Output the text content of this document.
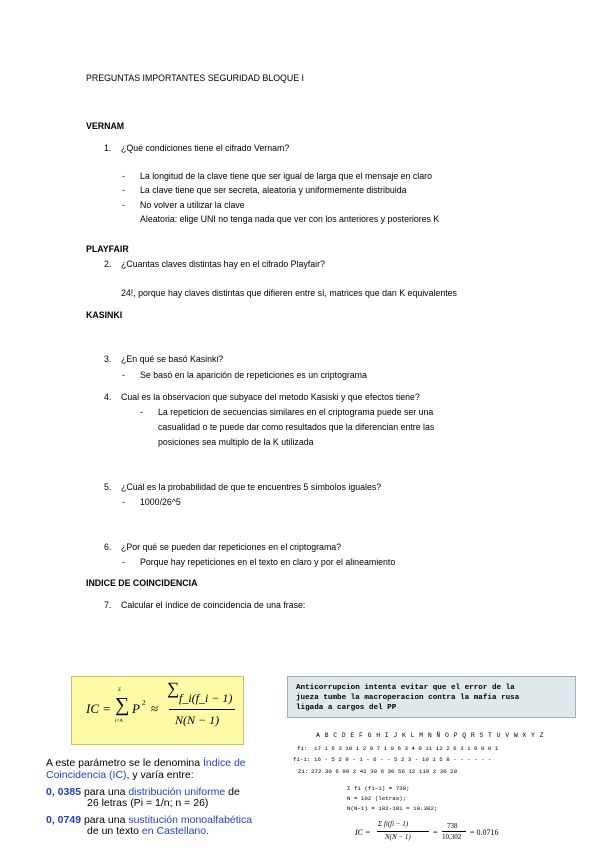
PREGUNTAS IMPORTANTES SEGURIDAD BLOQUE I
VERNAM
1. ¿Qué condiciones tiene el cifrado Vernam?
- La longitud de la clave tiene que ser igual de larga que el mensaje en claro
- La clave tiene que ser secreta, aleatoria y uniformemente distribuida
- No volver a utilizar la clave
Aleatoria: elige UNI no tenga nada que ver con los anteriores y posteriores K
PLAYFAIR
2. ¿Cuantas claves distintas hay en el cifrado Playfair?
24!, porque hay claves distintas que difieren entre sí, matrices que dan K equivalentes
KASINKI
3. ¿En qué se basó Kasinki?
- Se basó en la aparición de repeticiones es un criptograma
4. Cual es la observacion que subyace del metodo Kasiski y que efectos tiene?
- La repeticion de secuencias similares en el criptograma puede ser una
casualidad o te puede dar como resultados que la diferencian entre las
posiciones sea multiplo de la K utilizada
5. ¿Cuál es la probabilidad de que te encuentres 5 símbolos iguales?
- 1000/26^5
6. ¿Por qué se pueden dar repeticiones en el criptograma?
- Porque hay repeticiones en el texto en claro y por el alineamiento
INDICE DE COINCIDENCIA
7. Calcular el índice de coincidencia de una frase:
IC =
Z
∑
i=A
P 2 ≈
∑ f_i(f_i − 1)
N(N − 1)
A este parámetro se le denomina Índice de
Coincidencia (IC), y varía entre:
0, 0385 para una distribución uniforme de
26 letras (Pi = 1/n; n = 26)
0, 0749 para una sustitución monoalfabética
de un texto en Castellano.
Anticorrupcion intenta evitar que el error de la
jueza tumbe la macroperacion contra la mafia rusa
ligada a cargos del PP
A B C D E F G H I J K L M N Ñ O P Q R S T U V W X Y Z
fi: 17 1 6 3 10 1 2 0 7 1 0 6 3 4 0 11 12 2 6 3 1 0 0 0 1
fi-1: 16 - 5 2 9 - 1 - 6 - - 5 2 3 - 10 1 5 8 - - - - - -
Zi: 272 30 6 90 2 42 30 6 30 56 12 110 2 30 20
Σ fi (fi−1) = 738;
N = 102 (letras);
N(N−1) = 102·101 = 10.302;
IC =
Σ fi(fi − 1)
N(N − 1)	=
738
10,302 = 0.0716
